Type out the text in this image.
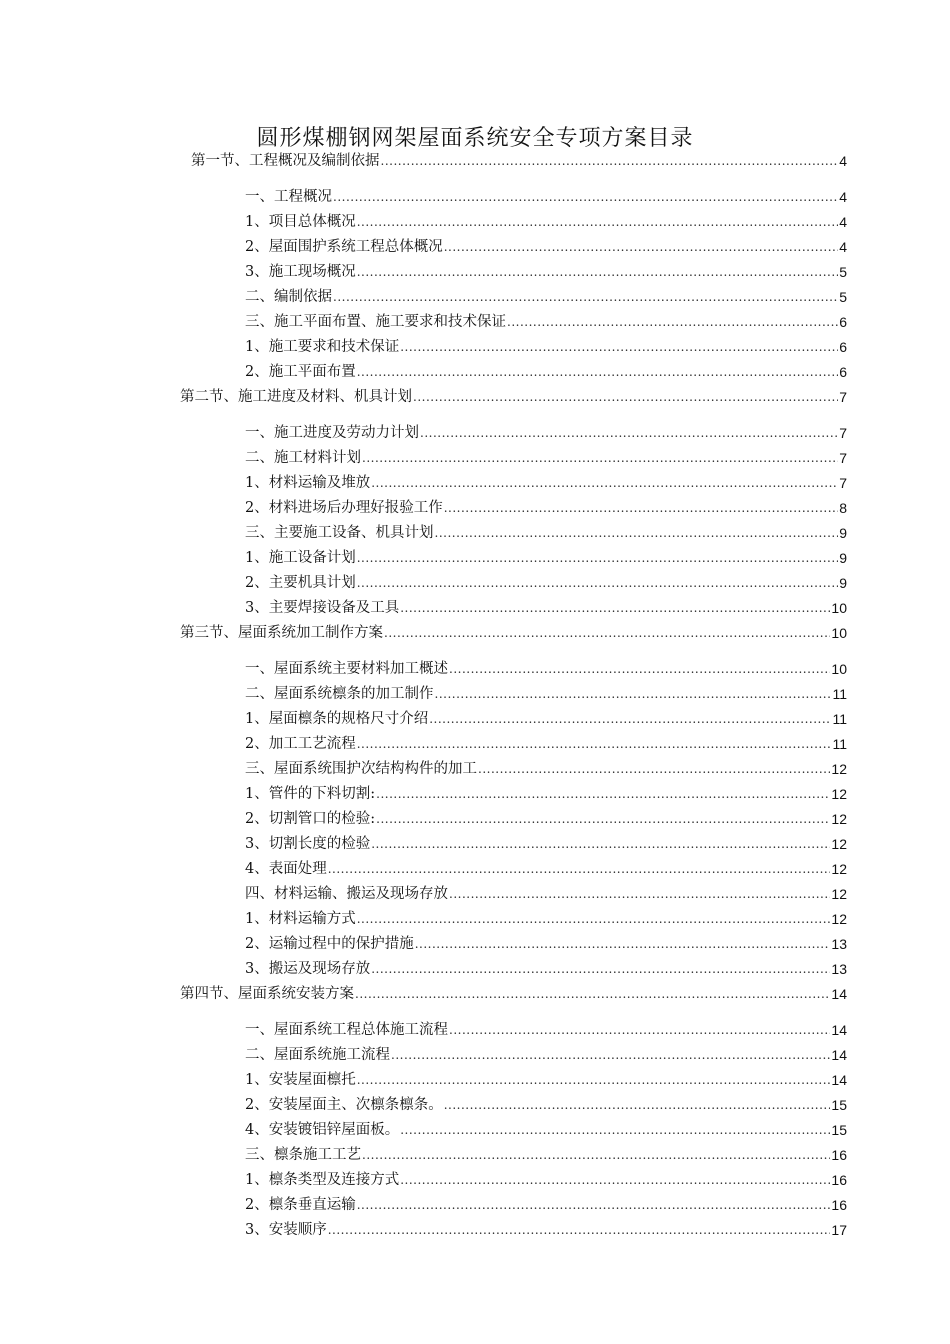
圆形煤棚钢网架屋面系统安全专项方案目录
第一节、工程概况及编制依据 .....	4
一、工程概况 .....	4
1、项目总体概况 .....	4
2、屋面围护系统工程总体概况 .....	4
3、施工现场概况 .....	5
二、编制依据 .....	5
三、施工平面布置、施工要求和技术保证 .....	6
1、施工要求和技术保证 .....	6
2、施工平面布置 .....	6
第二节、施工进度及材料、机具计划 .....	7
一、施工进度及劳动力计划 .....	7
二、施工材料计划 .....	7
1、材料运输及堆放 .....	7
2、材料进场后办理好报验工作 .....	8
三、主要施工设备、机具计划 .....	9
1、施工设备计划 .....	9
2、主要机具计划 .....	9
3、主要焊接设备及工具 .....	10
第三节、屋面系统加工制作方案 .....	10
一、屋面系统主要材料加工概述 .....	10
二、屋面系统檩条的加工制作 .....	11
1、屋面檩条的规格尺寸介绍 .....	11
2、加工工艺流程 .....	11
三、屋面系统围护次结构构件的加工 .....	12
1、管件的下料切割: .....	12
2、切割管口的检验: .....	12
3、切割长度的检验 .....	12
4、表面处理 .....	12
四、材料运输、搬运及现场存放 .....	12
1、材料运输方式 .....	12
2、运输过程中的保护措施 .....	13
3、搬运及现场存放 .....	13
第四节、屋面系统安装方案 .....	14
一、屋面系统工程总体施工流程 .....	14
二、屋面系统施工流程 .....	14
1、安装屋面檩托 .....	14
2、安装屋面主、次檩条檩条。 .....	15
4、安装镀铝锌屋面板。 .....	15
三、檩条施工工艺 .....	16
1、檩条类型及连接方式 .....	16
2、檩条垂直运输 .....	16
3、安装顺序 .....	17
